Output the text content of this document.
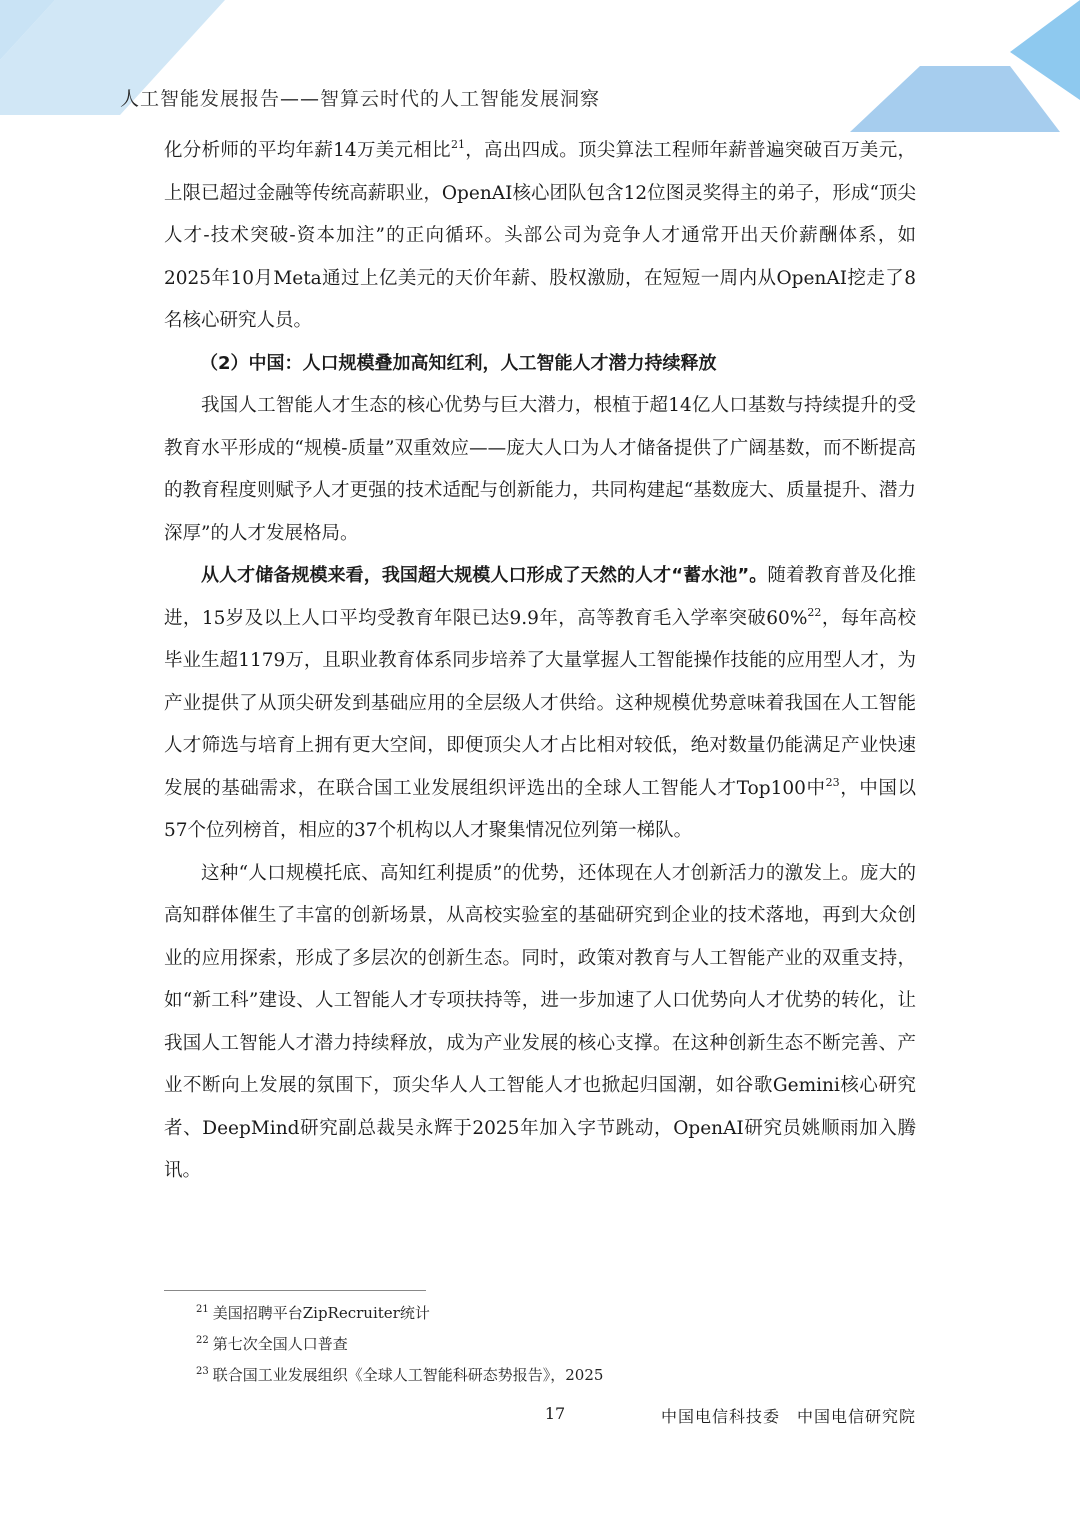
人工智能发展报告——智算云时代的人工智能发展洞察

化分析师的平均年薪14万美元相比$^{21}$，高出四成。顶尖算法工程师年薪普遍突破百万美元，上限已超过金融等传统高薪职业，OpenAI核心团队包含12位图灵奖得主的弟子，形成“顶尖人才-技术突破-资本加注”的正向循环。头部公司为竞争人才通常开出天价薪酬体系，如2025年10月Meta通过上亿美元的天价年薪、股权激励，在短短一周内从OpenAI挖走了8名核心研究人员。

（2）中国：人口规模叠加高知红利，人工智能人才潜力持续释放

我国人工智能人才生态的核心优势与巨大潜力，根植于超14亿人口基数与持续提升的受教育水平形成的“规模-质量”双重效应——庞大人口为人才储备提供了广阔基数，而不断提高的教育程度则赋予人才更强的技术适配与创新能力，共同构建起“基数庞大、质量提升、潜力深厚”的人才发展格局。

从人才储备规模来看，我国超大规模人口形成了天然的人才“蓄水池”。随着教育普及化推进，15岁及以上人口平均受教育年限已达9.9年，高等教育毛入学率突破60%$^{22}$，每年高校毕业生超1179万，且职业教育体系同步培养了大量掌握人工智能操作技能的应用型人才，为产业提供了从顶尖研发到基础应用的全层级人才供给。这种规模优势意味着我国在人工智能人才筛选与培育上拥有更大空间，即便顶尖人才占比相对较低，绝对数量仍能满足产业快速发展的基础需求，在联合国工业发展组织评选出的全球人工智能人才Top100中$^{23}$，中国以57个位列榜首，相应的37个机构以人才聚集情况位列第一梯队。

这种“人口规模托底、高知红利提质”的优势，还体现在人才创新活力的激发上。庞大的高知群体催生了丰富的创新场景，从高校实验室的基础研究到企业的技术落地，再到大众创业的应用探索，形成了多层次的创新生态。同时，政策对教育与人工智能产业的双重支持，如“新工科”建设、人工智能人才专项扶持等，进一步加速了人口优势向人才优势的转化，让我国人工智能人才潜力持续释放，成为产业发展的核心支撑。在这种创新生态不断完善、产业不断向上发展的氛围下，顶尖华人人工智能人才也掀起归国潮，如谷歌Gemini核心研究者、DeepMind研究副总裁吴永辉于2025年加入字节跳动，OpenAI研究员姚顺雨加入腾讯。

$^{21}$ 美国招聘平台ZipRecruiter统计
$^{22}$ 第七次全国人口普查
$^{23}$ 联合国工业发展组织《全球人工智能科研态势报告》，2025
17	中国电信科技委　中国电信研究院
